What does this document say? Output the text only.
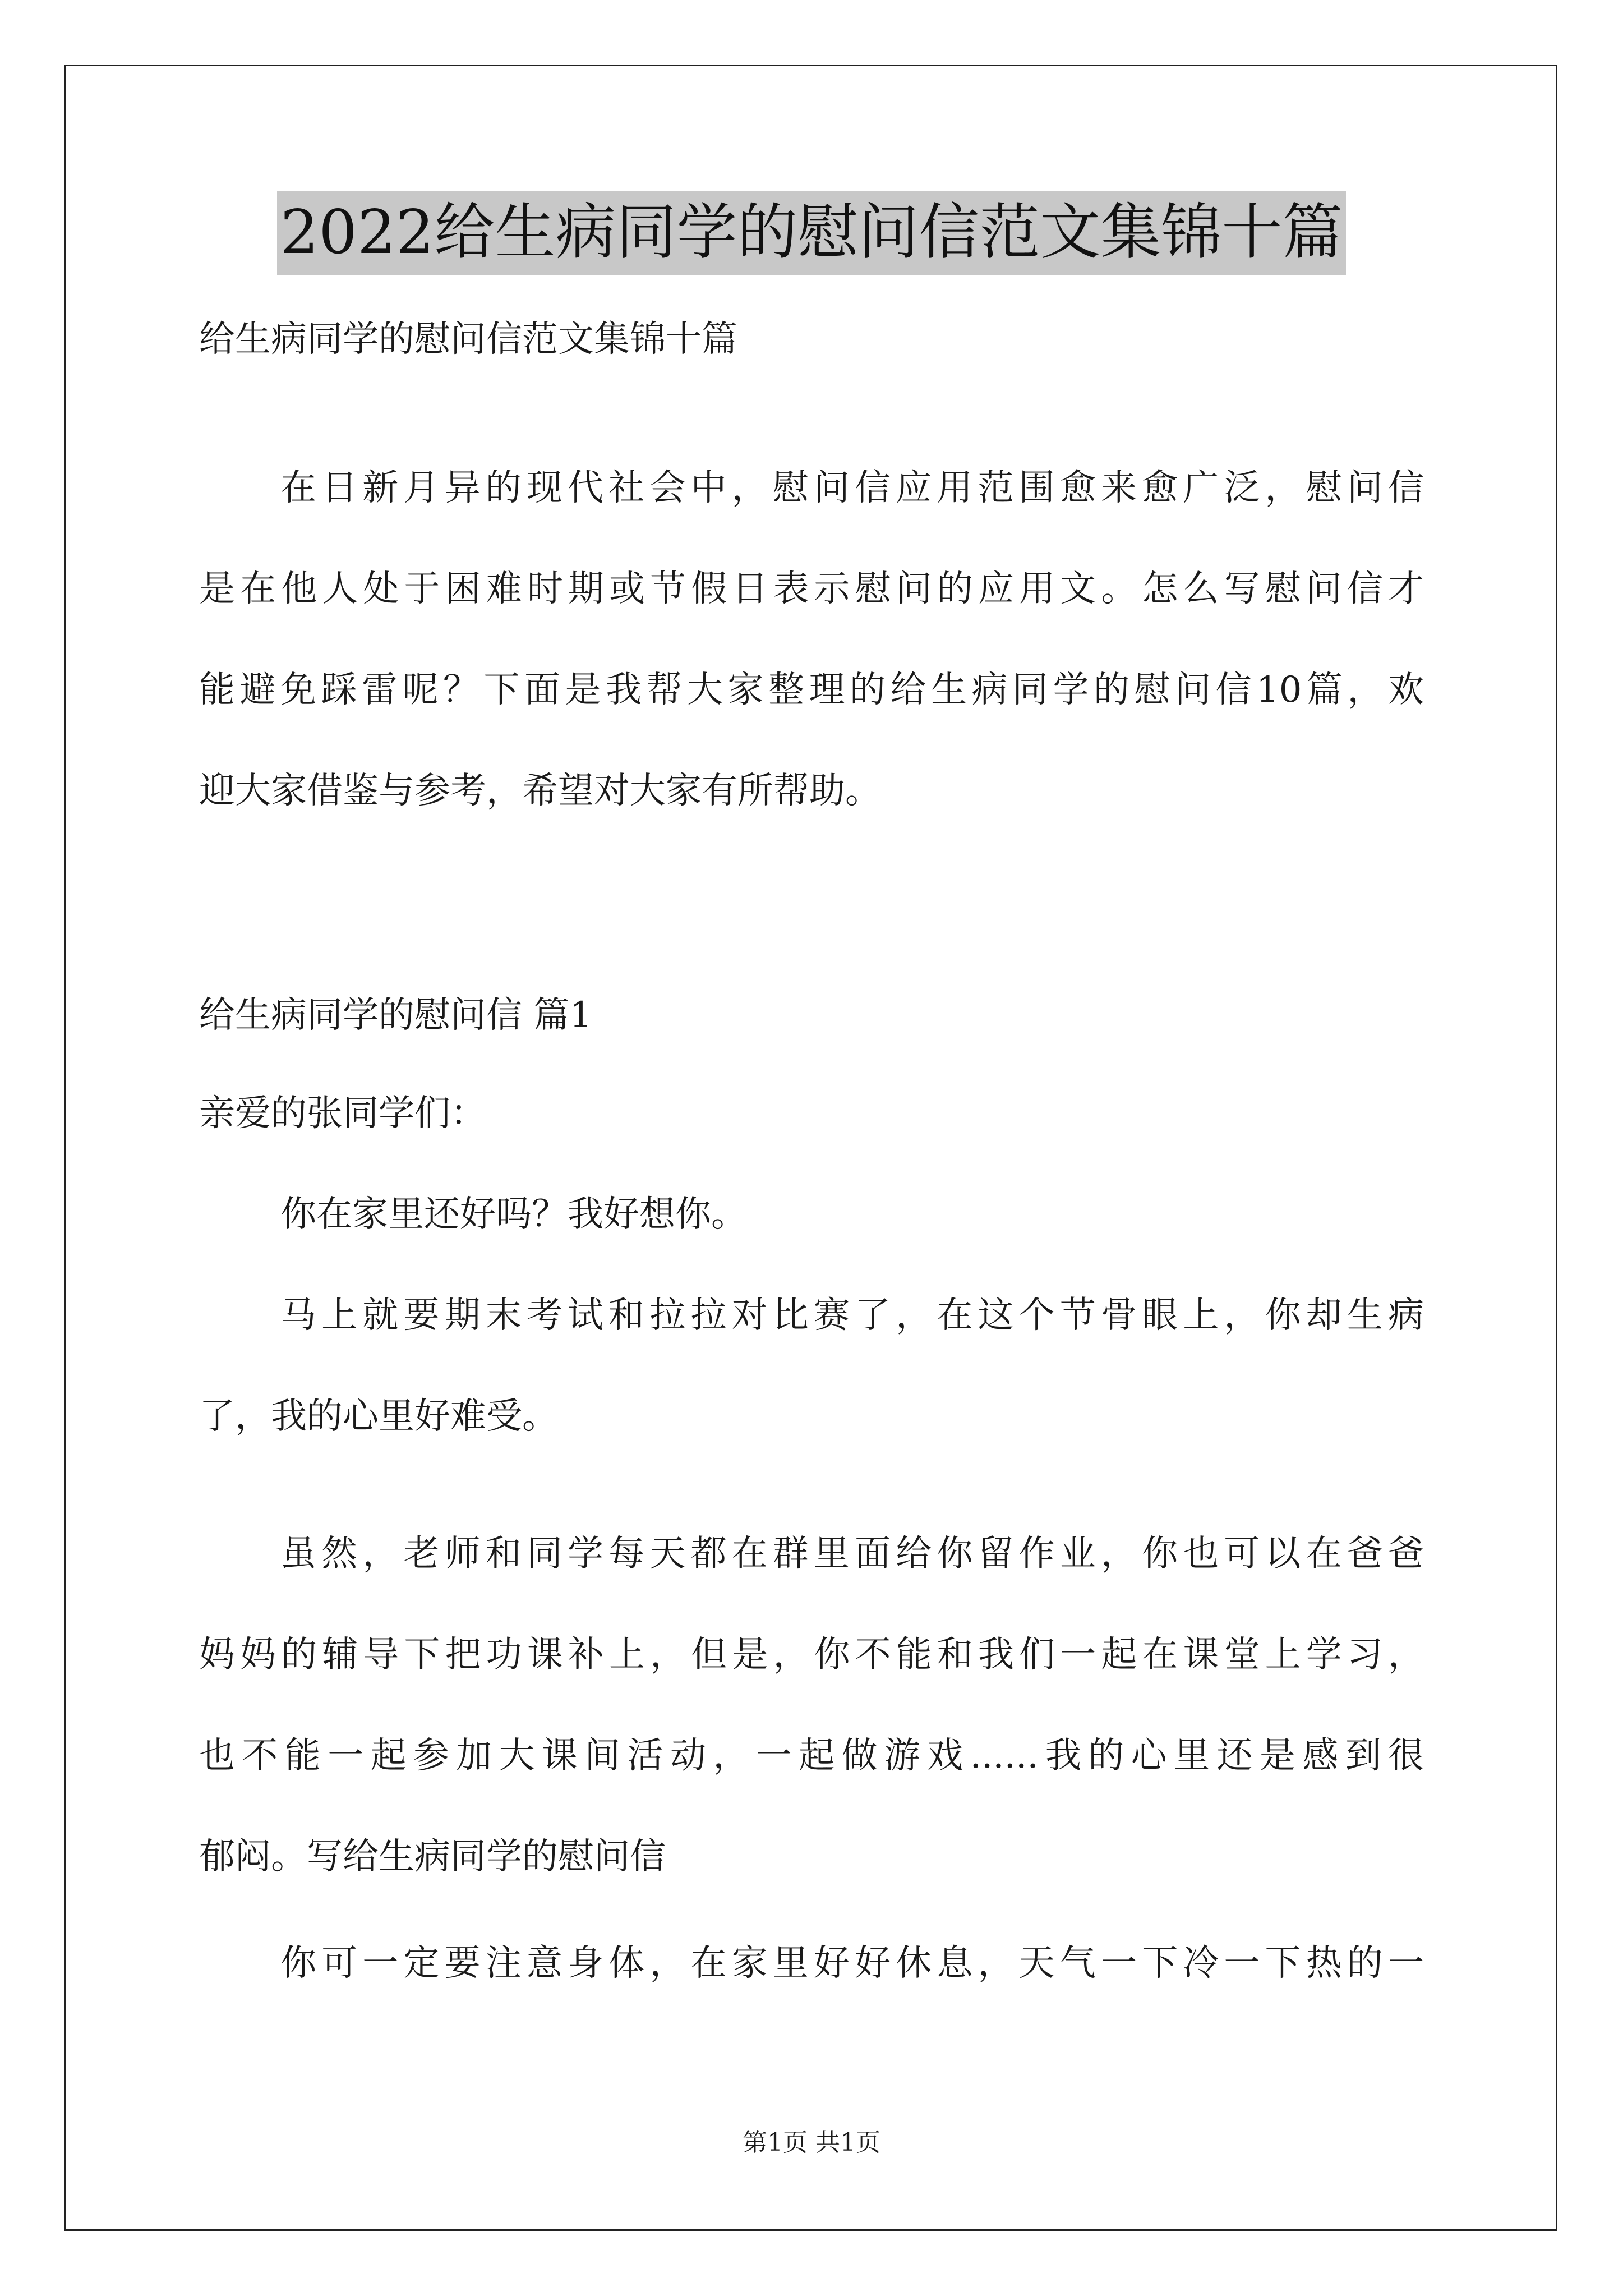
2022给生病同学的慰问信范文集锦十篇

给生病同学的慰问信范文集锦十篇

在日新月异的现代社会中，慰问信应用范围愈来愈广泛，慰问信

是在他人处于困难时期或节假日表示慰问的应用文。怎么写慰问信才

能避免踩雷呢？下面是我帮大家整理的给生病同学的慰问信10篇，欢

迎大家借鉴与参考，希望对大家有所帮助。

给生病同学的慰问信 篇1

亲爱的张同学们：

你在家里还好吗？我好想你。

马上就要期末考试和拉拉对比赛了，在这个节骨眼上，你却生病

了，我的心里好难受。

虽然，老师和同学每天都在群里面给你留作业，你也可以在爸爸

妈妈的辅导下把功课补上，但是，你不能和我们一起在课堂上学习，

也不能一起参加大课间活动，一起做游戏......我的心里还是感到很

郁闷。写给生病同学的慰问信

你可一定要注意身体，在家里好好休息，天气一下冷一下热的一

第1页 共1页
